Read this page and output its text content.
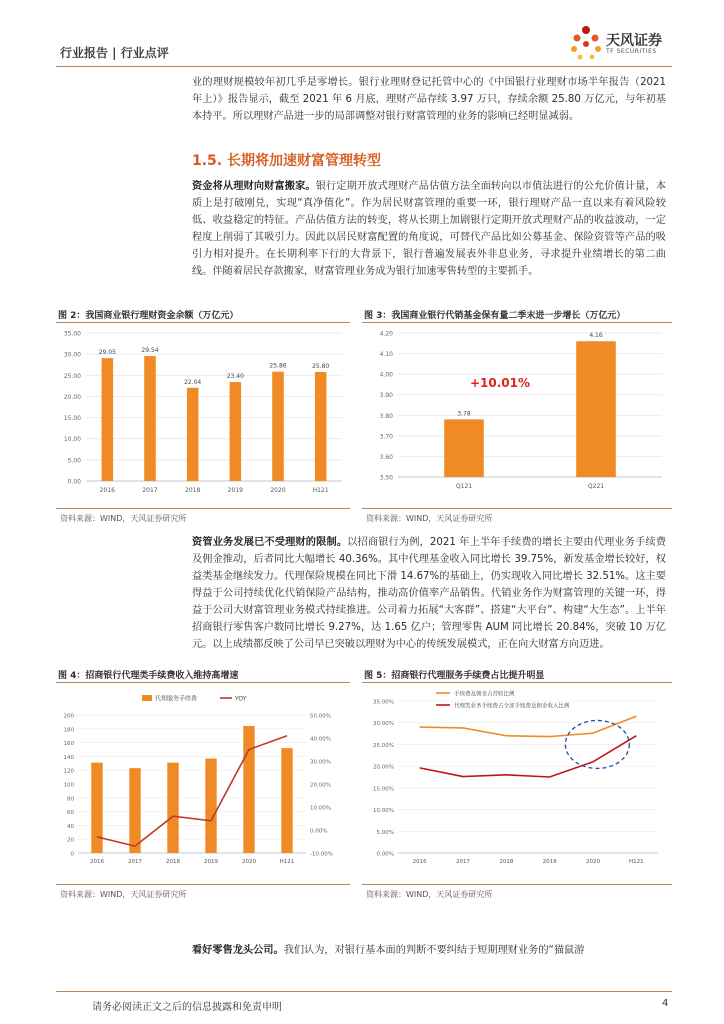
行业报告 | 行业点评
天风证券
TF SECURITIES
业的理财规模较年初几乎是零增长。银行业理财登记托管中心的《中国银行业理财市场半年报告（2021 年上）》报告显示，截至 2021 年 6 月底，理财产品存续 3.97 万只，存续余额 25.80 万亿元，与年初基本持平。所以理财产品进一步的局部调整对银行财富管理的业务的影响已经明显减弱。
1.5. 长期将加速财富管理转型
资金将从理财向财富搬家。银行定期开放式理财产品估值方法全面转向以市值法进行的公允价值计量，本质上是打破刚兑，实现“真净值化”。作为居民财富管理的重要一环，银行理财产品一直以来有着风险较低、收益稳定的特征。产品估值方法的转变，将从长期上加剧银行定期开放式理财产品的收益波动，一定程度上削弱了其吸引力。因此以居民财富配置的角度说，可替代产品比如公募基金、保险资管等产品的吸引力相对提升。在长期利率下行的大背景下，银行普遍发展表外非息业务，寻求提升业绩增长的第二曲线。伴随着居民存款搬家，财富管理业务成为银行加速零售转型的主要抓手。
图 2：我国商业银行理财资金余额（万亿元）
0.00
5.00
10.00
15.00
20.00
25.00
30.00
35.00
29.05
2016
29.54
2017
22.04
2018
23.40
2019
25.86
2020
25.80
H121
资料来源：WIND，天风证券研究所
图 3：我国商业银行代销基金保有量二季末进一步增长（万亿元）
3.50
3.60
3.70
3.80
3.90
4.00
4.10
4.20
3.78
Q121
4.16
Q221
+10.01%
资料来源：WIND，天风证券研究所
资管业务发展已不受理财的限制。以招商银行为例，2021 年上半年手续费的增长主要由代理业务手续费及佣金推动，后者同比大幅增长 40.36%。其中代理基金收入同比增长 39.75%，新发基金增长较好，权益类基金继续发力。代理保险规模在同比下滑 14.67%的基础上，仍实现收入同比增长 32.51%。这主要得益于公司持续优化代销保险产品结构，推动高价值率产品销售。代销业务作为财富管理的关键一环，得益于公司大财富管理业务模式持续推进。公司着力拓展“大客群”、搭建“大平台”、构建“大生态”。上半年招商银行零售客户数同比增长 9.27%，达 1.65 亿户；管理零售 AUM 同比增长 20.84%，突破 10 万亿元。以上成绩都反映了公司早已突破以理财为中心的传统发展模式，正在向大财富方向迈进。
图 4：招商银行代理类手续费收入维持高增速
0
20
40
60
80
100
120
140
160
180
200
-10.00%
0.00%
10.00%
20.00%
30.00%
40.00%
50.00%
2016	2017	2018	2019	2020	H121
代理服务手续费	YOY
资料来源：WIND，天风证券研究所
图 5：招商银行代理服务手续费占比提升明显
0.00%
5.00%
10.00%
15.00%
20.00%
25.00%
30.00%
35.00%
2016	2017	2018	2019	2020	H121
手续费及佣金占营收比例
代理类业务手续费占全部手续费及佣金收入比例
资料来源：WIND，天风证券研究所
看好零售龙头公司。我们认为，对银行基本面的判断不要纠结于短期理财业务的“猫鼠游
请务必阅读正文之后的信息披露和免责申明	4
